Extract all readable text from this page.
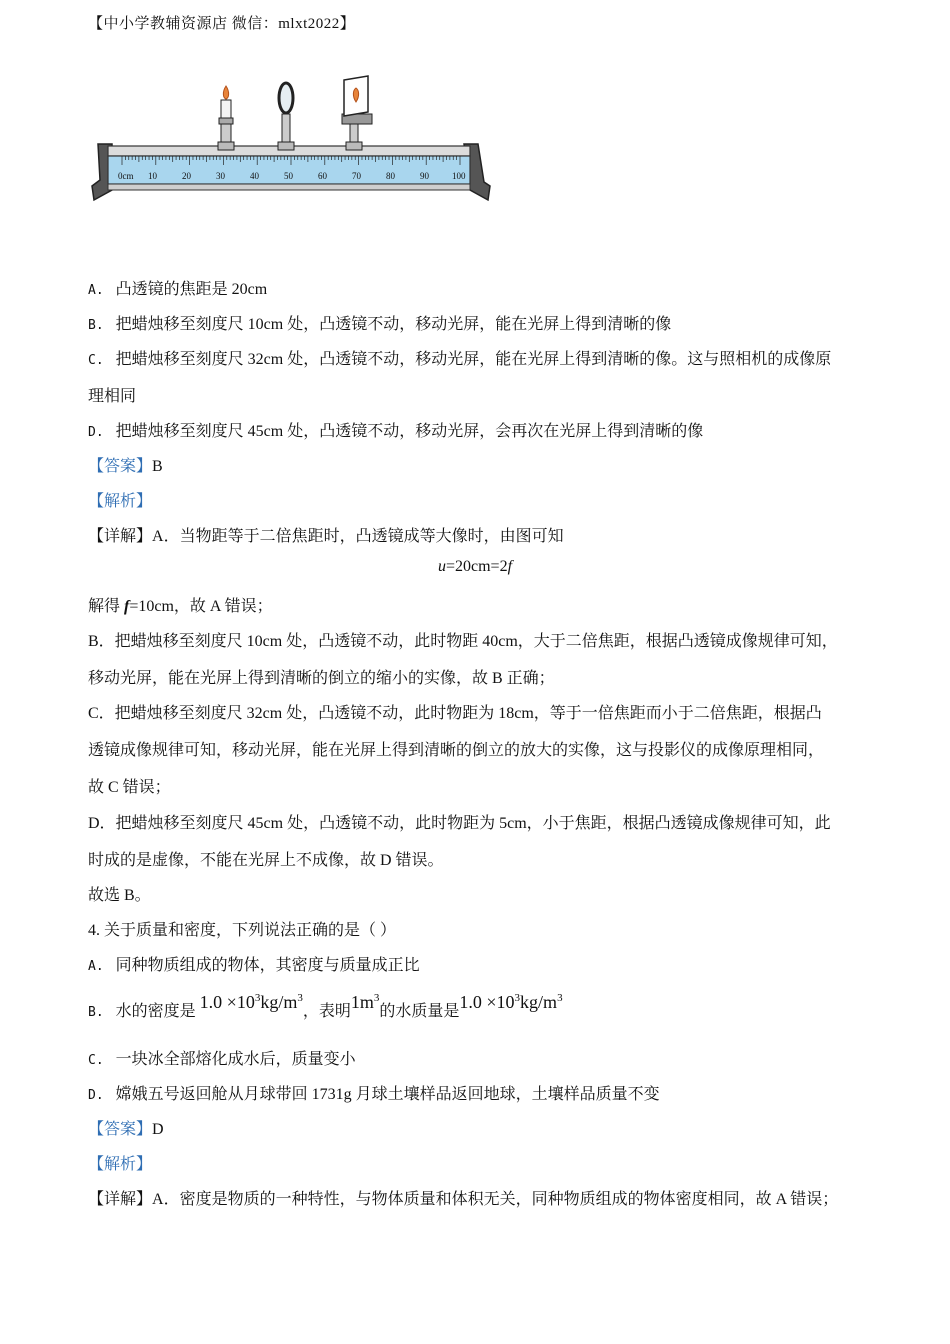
【中小学教辅资源店 微信：mlxt2022】
0cm 10	20	30	40	50	60	70	80	90	100
A. 凸透镜的焦距是 20cm
B. 把蜡烛移至刻度尺 10cm 处，凸透镜不动，移动光屏，能在光屏上得到清晰的像
C. 把蜡烛移至刻度尺 32cm 处，凸透镜不动，移动光屏，能在光屏上得到清晰的像。这与照相机的成像原
理相同
D. 把蜡烛移至刻度尺 45cm 处，凸透镜不动，移动光屏，会再次在光屏上得到清晰的像
【答案】B
【解析】
【详解】A．当物距等于二倍焦距时，凸透镜成等大像时，由图可知
u=20cm=2f
解得 f=10cm，故 A 错误；
B．把蜡烛移至刻度尺 10cm 处，凸透镜不动，此时物距 40cm，大于二倍焦距，根据凸透镜成像规律可知，
移动光屏，能在光屏上得到清晰的倒立的缩小的实像，故 B 正确；
C．把蜡烛移至刻度尺 32cm 处，凸透镜不动，此时物距为 18cm，等于一倍焦距而小于二倍焦距，根据凸
透镜成像规律可知，移动光屏，能在光屏上得到清晰的倒立的放大的实像，这与投影仪的成像原理相同，
故 C 错误；
D．把蜡烛移至刻度尺 45cm 处，凸透镜不动，此时物距为 5cm，小于焦距，根据凸透镜成像规律可知，此
时成的是虚像，不能在光屏上不成像，故 D 错误。
故选 B。
4. 关于质量和密度，下列说法正确的是（ ）
A. 同种物质组成的物体，其密度与质量成正比
B. 水的密度是 $1.0 \times 10^3kg/m^3$，表明$1m^3$的水质量是$1.0 \times 10^3kg/m^3$
C. 一块冰全部熔化成水后，质量变小
D. 嫦娥五号返回舱从月球带回 1731g 月球土壤样品返回地球，土壤样品质量不变
【答案】D
【解析】
【详解】A．密度是物质的一种特性，与物体质量和体积无关，同种物质组成的物体密度相同，故 A 错误；
